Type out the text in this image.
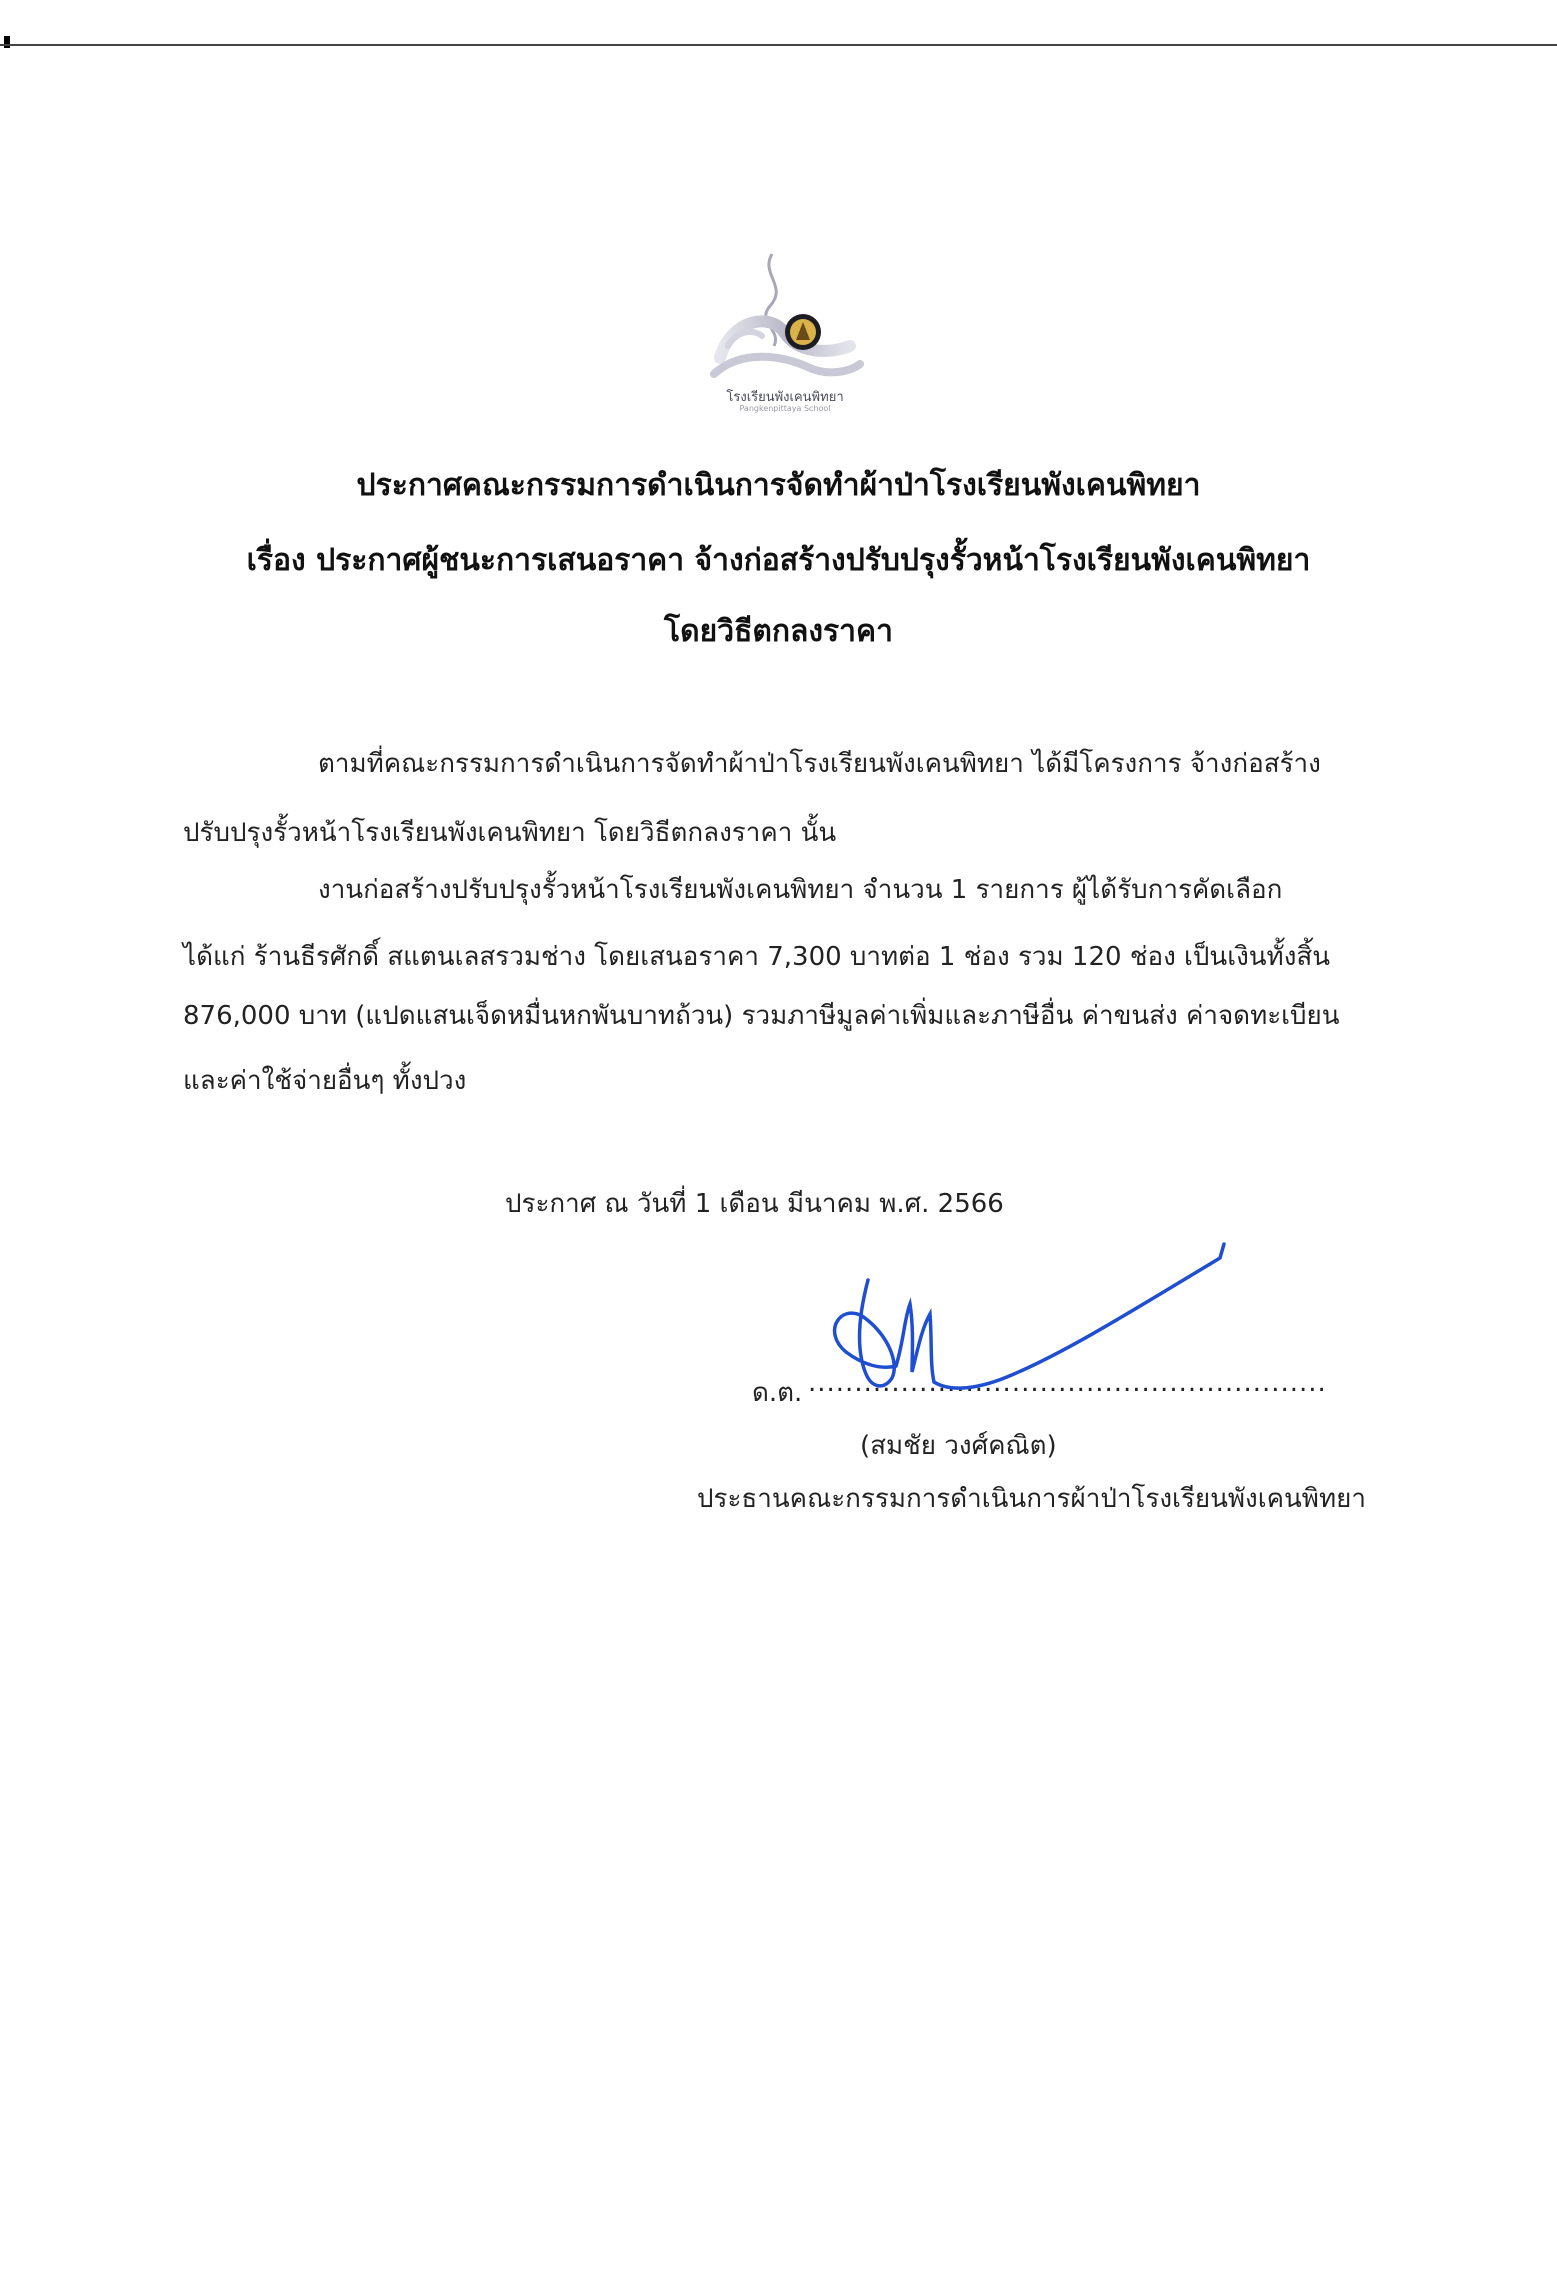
โรงเรียนพังเคนพิทยา
Pangkenpittaya School
ประกาศคณะกรรมการดำเนินการจัดทำผ้าป่าโรงเรียนพังเคนพิทยา
เรื่อง ประกาศผู้ชนะการเสนอราคา จ้างก่อสร้างปรับปรุงรั้วหน้าโรงเรียนพังเคนพิทยา
โดยวิธีตกลงราคา
ตามที่คณะกรรมการดำเนินการจัดทำผ้าป่าโรงเรียนพังเคนพิทยา ได้มีโครงการ จ้างก่อสร้าง
ปรับปรุงรั้วหน้าโรงเรียนพังเคนพิทยา โดยวิธีตกลงราคา นั้น
งานก่อสร้างปรับปรุงรั้วหน้าโรงเรียนพังเคนพิทยา จำนวน 1 รายการ ผู้ได้รับการคัดเลือก
ได้แก่ ร้านธีรศักดิ์ สแตนเลสรวมช่าง โดยเสนอราคา 7,300 บาทต่อ 1 ช่อง รวม 120 ช่อง เป็นเงินทั้งสิ้น
876,000 บาท (แปดแสนเจ็ดหมื่นหกพันบาทถ้วน) รวมภาษีมูลค่าเพิ่มและภาษีอื่น ค่าขนส่ง ค่าจดทะเบียน
และค่าใช้จ่ายอื่นๆ ทั้งปวง
ประกาศ ณ วันที่ 1 เดือน มีนาคม พ.ศ. 2566
ด.ต. ........................................................
(สมชัย วงศ์คณิต)
ประธานคณะกรรมการดำเนินการผ้าป่าโรงเรียนพังเคนพิทยา
